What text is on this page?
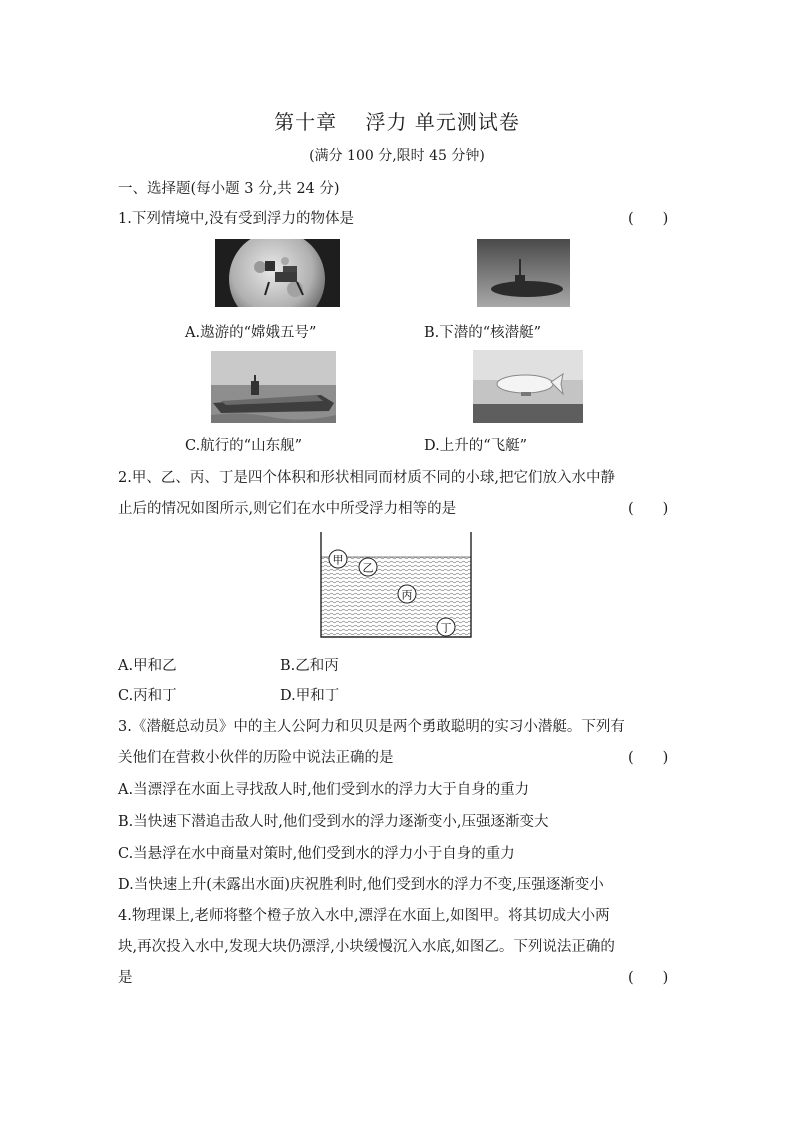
第十章　 浮力 单元测试卷
(满分 100 分,限时 45 分钟)
一、选择题(每小题 3 分,共 24 分)
1.下列情境中,没有受到浮力的物体是	(　　)
A.遨游的“嫦娥五号”	B.下潜的“核潜艇”
C.航行的“山东舰”	D.上升的“飞艇”
2.甲、乙、丙、丁是四个体积和形状相同而材质不同的小球,把它们放入水中静
止后的情况如图所示,则它们在水中所受浮力相等的是	(　　)
甲
乙
丙
丁
A.甲和乙	B.乙和丙
C.丙和丁	D.甲和丁
3.《潜艇总动员》中的主人公阿力和贝贝是两个勇敢聪明的实习小潜艇。下列有
关他们在营救小伙伴的历险中说法正确的是	(　　)
A.当漂浮在水面上寻找敌人时,他们受到水的浮力大于自身的重力
B.当快速下潜追击敌人时,他们受到水的浮力逐渐变小,压强逐渐变大
C.当悬浮在水中商量对策时,他们受到水的浮力小于自身的重力
D.当快速上升(未露出水面)庆祝胜利时,他们受到水的浮力不变,压强逐渐变小
4.物理课上,老师将整个橙子放入水中,漂浮在水面上,如图甲。将其切成大小两
块,再次投入水中,发现大块仍漂浮,小块缓慢沉入水底,如图乙。下列说法正确的
是	(　　)
